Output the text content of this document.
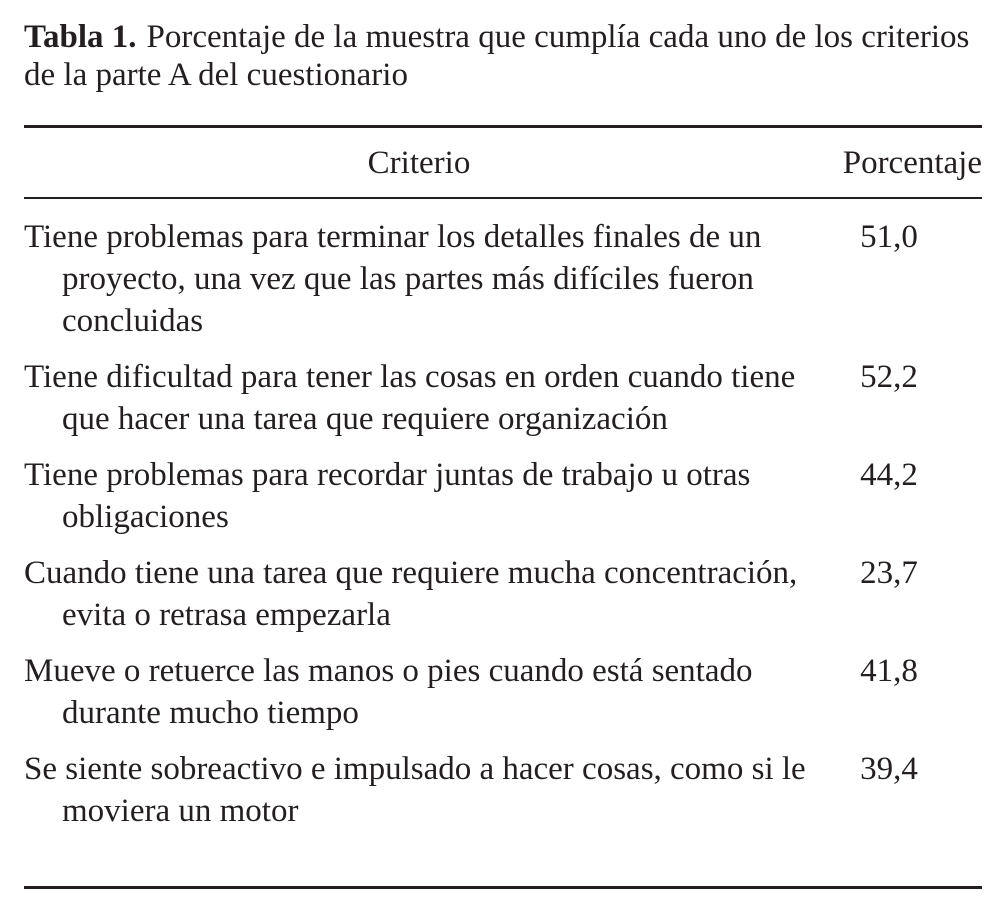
Tabla 1. Porcentaje de la muestra que cumplía cada uno de los criterios de la parte A del cuestionario
Criterio	Porcentaje
Tiene problemas para terminar los detalles finales de un proyecto, una vez que las partes más difíciles fueron concluidas
51,0
Tiene dificultad para tener las cosas en orden cuando tiene que hacer una tarea que requiere organización
52,2
Tiene problemas para recordar juntas de trabajo u otras obligaciones
44,2
Cuando tiene una tarea que requiere mucha concentración, evita o retrasa empezarla
23,7
Mueve o retuerce las manos o pies cuando está sentado durante mucho tiempo
41,8
Se siente sobreactivo e impulsado a hacer cosas, como si le moviera un motor
39,4
